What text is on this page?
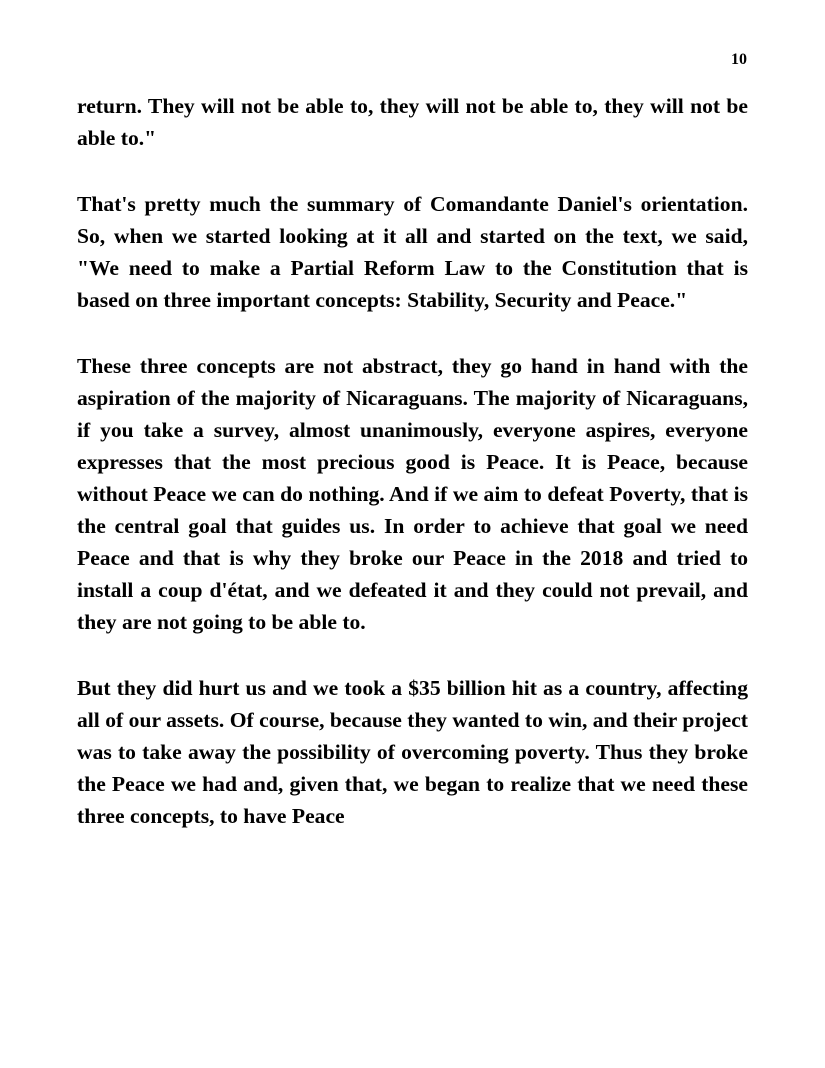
10

return. They will not be able to, they will not be able to, they will not be able to."

That's pretty much the summary of Comandante Daniel's orientation. So, when we started looking at it all and started on the text, we said, "We need to make a Partial Reform Law to the Constitution that is based on three important concepts: Stability, Security and Peace."

These three concepts are not abstract, they go hand in hand with the aspiration of the majority of Nicaraguans. The majority of Nicaraguans, if you take a survey, almost unanimously, everyone aspires, everyone expresses that the most precious good is Peace. It is Peace, because without Peace we can do nothing. And if we aim to defeat Poverty, that is the central goal that guides us. In order to achieve that goal we need Peace and that is why they broke our Peace in the 2018 and tried to install a coup d'état, and we defeated it and they could not prevail, and they are not going to be able to.

But they did hurt us and we took a $35 billion hit as a country, affecting all of our assets. Of course, because they wanted to win, and their project was to take away the possibility of overcoming poverty. Thus they broke the Peace we had and, given that, we began to realize that we need these three concepts, to have Peace
